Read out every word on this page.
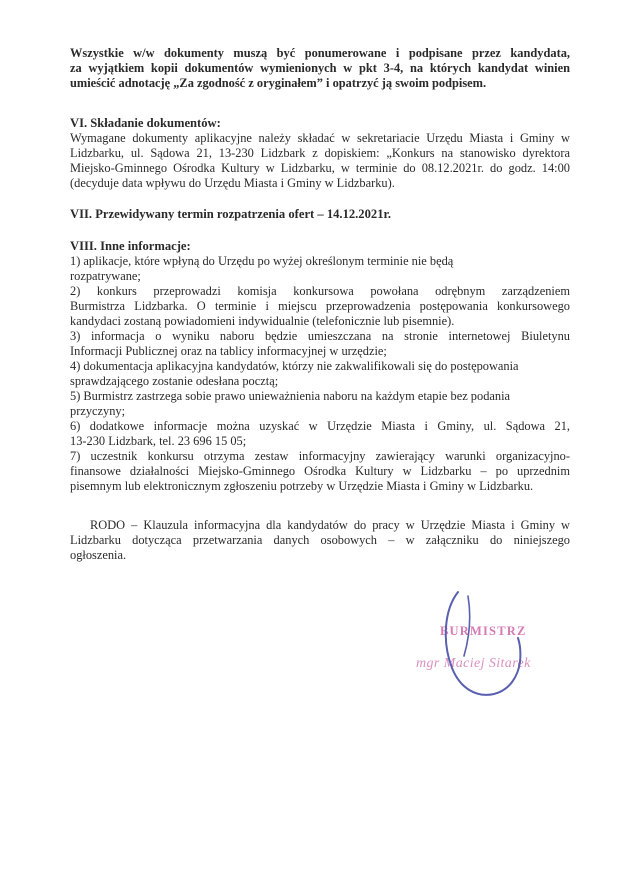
Wszystkie w/w dokumenty muszą być ponumerowane i podpisane przez kandydata,
za wyjątkiem kopii dokumentów wymienionych w pkt 3-4, na których kandydat winien
umieścić adnotację „Za zgodność z oryginałem” i opatrzyć ją swoim podpisem.
VI. Składanie dokumentów:
Wymagane dokumenty aplikacyjne należy składać w sekretariacie Urzędu Miasta i Gminy w
Lidzbarku, ul. Sądowa 21, 13-230 Lidzbark z dopiskiem: „Konkurs na stanowisko dyrektora
Miejsko-Gminnego Ośrodka Kultury w Lidzbarku, w terminie do 08.12.2021r. do godz. 14:00
(decyduje data wpływu do Urzędu Miasta i Gminy w Lidzbarku).
VII. Przewidywany termin rozpatrzenia ofert – 14.12.2021r.
VIII. Inne informacje:
1) aplikacje, które wpłyną do Urzędu po wyżej określonym terminie nie będą
rozpatrywane;
2) konkurs przeprowadzi komisja konkursowa powołana odrębnym zarządzeniem
Burmistrza Lidzbarka. O terminie i miejscu przeprowadzenia postępowania konkursowego
kandydaci zostaną powiadomieni indywidualnie (telefonicznie lub pisemnie).
3) informacja o wyniku naboru będzie umieszczana na stronie internetowej Biuletynu
Informacji Publicznej oraz na tablicy informacyjnej w urzędzie;
4) dokumentacja aplikacyjna kandydatów, którzy nie zakwalifikowali się do postępowania
sprawdzającego zostanie odesłana pocztą;
5) Burmistrz zastrzega sobie prawo unieważnienia naboru na każdym etapie bez podania
przyczyny;
6) dodatkowe informacje można uzyskać w Urzędzie Miasta i Gminy, ul. Sądowa 21,
13-230 Lidzbark, tel. 23 696 15 05;
7) uczestnik konkursu otrzyma zestaw informacyjny zawierający warunki organizacyjno-
finansowe działalności Miejsko-Gminnego Ośrodka Kultury w Lidzbarku – po uprzednim
pisemnym lub elektronicznym zgłoszeniu potrzeby w Urzędzie Miasta i Gminy w Lidzbarku.
RODO – Klauzula informacyjna dla kandydatów do pracy w Urzędzie Miasta i Gminy w
Lidzbarku dotycząca przetwarzania danych osobowych – w załączniku do niniejszego
ogłoszenia.
BURMISTRZ
mgr Maciej Sitarek
